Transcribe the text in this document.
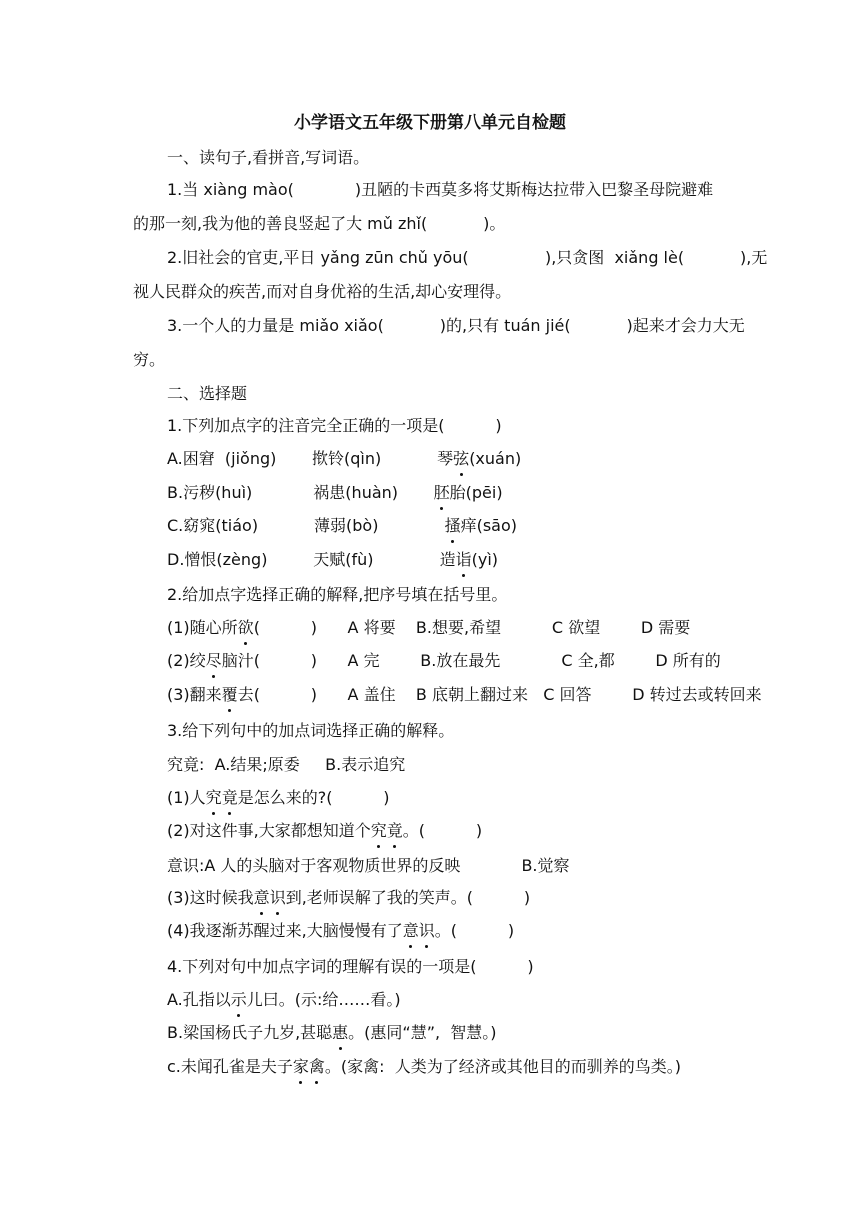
小学语文五年级下册第八单元自检题

一、读句子,看拼音,写词语。

1.当 xiàng mào(            )丑陋的卡西莫多将艾斯梅达拉带入巴黎圣母院避难

的那一刻,我为他的善良竖起了大 mǔ zhǐ(           )。

2.旧社会的官吏,平日 yǎng zūn chǔ yōu(               ),只贪图  xiǎng lè(           ),无

视人民群众的疾苦,而对自身优裕的生活,却心安理得。

3.一个人的力量是 miǎo xiǎo(           )的,只有 tuán jié(           )起来才会力大无

穷。

二、选择题

1.下列加点字的注音完全正确的一项是(          )

A.困窘  (jiǒng)       揿铃(qìn)           琴弦(xuán)

B.污秽(huì)            祸患(huàn)       胚胎(pēi)

C.窈窕(tiáo)           薄弱(bò)             搔痒(sāo)

D.憎恨(zèng)         天赋(fù)             造诣(yì)

2.给加点字选择正确的解释,把序号填在括号里。

(1)随心所欲(          )      A 将要    B.想要,希望          C 欲望        D 需要

(2)绞尽脑汁(          )      A 完        B.放在最先            C 全,都        D 所有的

(3)翻来覆去(          )      A 盖住    B 底朝上翻过来   C 回答        D 转过去或转回来

3.给下列句中的加点词选择正确的解释。

究竟:  A.结果;原委     B.表示追究

(1)人究竟是怎么来的?(          )

(2)对这件事,大家都想知道个究竟。(          )

意识:A 人的头脑对于客观物质世界的反映            B.觉察

(3)这时候我意识到,老师误解了我的笑声。(          )

(4)我逐渐苏醒过来,大脑慢慢有了意识。(          )

4.下列对句中加点字词的理解有误的一项是(          )

A.孔指以示儿曰。(示:给……看。)

B.梁国杨氏子九岁,甚聪惠。(惠同“慧”,  智慧。)

c.未闻孔雀是夫子家禽。(家禽:  人类为了经济或其他目的而驯养的鸟类。)
